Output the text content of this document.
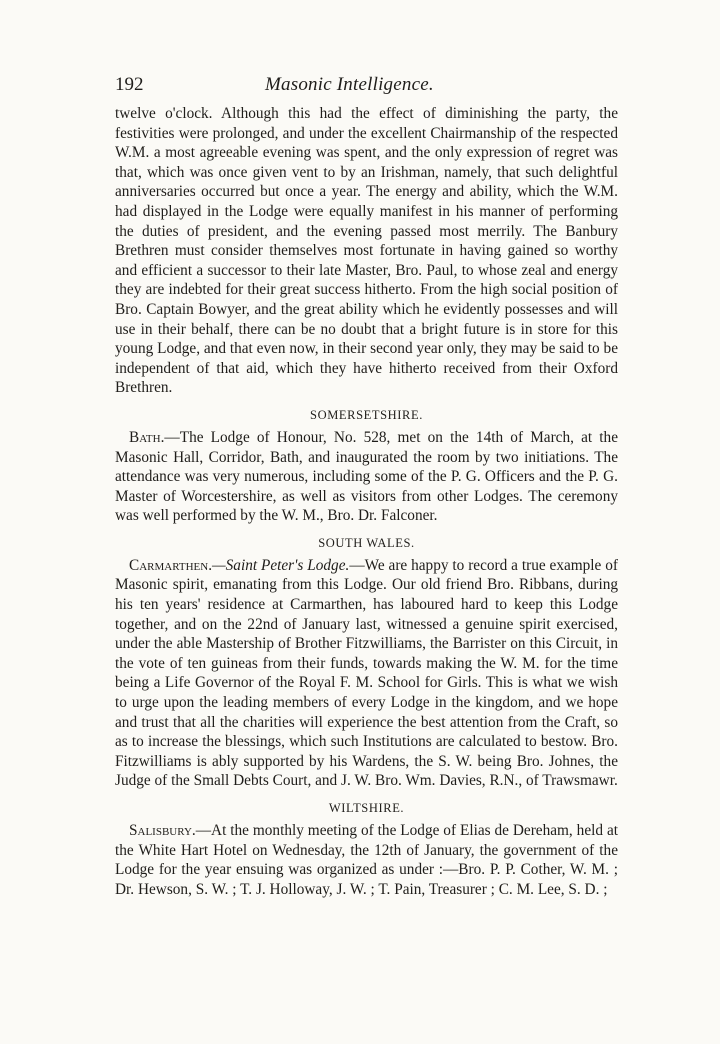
192	Masonic Intelligence.

twelve o'clock. Although this had the effect of diminishing the party, the festivities were prolonged, and under the excellent Chairmanship of the respected W.M. a most agreeable evening was spent, and the only expression of regret was that, which was once given vent to by an Irishman, namely, that such delightful anniversaries occurred but once a year. The energy and ability, which the W.M. had displayed in the Lodge were equally manifest in his manner of performing the duties of president, and the evening passed most merrily. The Banbury Brethren must consider themselves most fortunate in having gained so worthy and efficient a successor to their late Master, Bro. Paul, to whose zeal and energy they are indebted for their great success hitherto. From the high social position of Bro. Captain Bowyer, and the great ability which he evidently possesses and will use in their behalf, there can be no doubt that a bright future is in store for this young Lodge, and that even now, in their second year only, they may be said to be independent of that aid, which they have hitherto received from their Oxford Brethren.

SOMERSETSHIRE.

Bath.—The Lodge of Honour, No. 528, met on the 14th of March, at the Masonic Hall, Corridor, Bath, and inaugurated the room by two initiations. The attendance was very numerous, including some of the P. G. Officers and the P. G. Master of Worcestershire, as well as visitors from other Lodges. The ceremony was well performed by the W. M., Bro. Dr. Falconer.

SOUTH WALES.

Carmarthen.—Saint Peter's Lodge.—We are happy to record a true example of Masonic spirit, emanating from this Lodge. Our old friend Bro. Ribbans, during his ten years' residence at Carmarthen, has laboured hard to keep this Lodge together, and on the 22nd of January last, witnessed a genuine spirit exercised, under the able Mastership of Brother Fitzwilliams, the Barrister on this Circuit, in the vote of ten guineas from their funds, towards making the W. M. for the time being a Life Governor of the Royal F. M. School for Girls. This is what we wish to urge upon the leading members of every Lodge in the kingdom, and we hope and trust that all the charities will experience the best attention from the Craft, so as to increase the blessings, which such Institutions are calculated to bestow. Bro. Fitzwilliams is ably supported by his Wardens, the S. W. being Bro. Johnes, the Judge of the Small Debts Court, and J. W. Bro. Wm. Davies, R.N., of Trawsmawr.

WILTSHIRE.

Salisbury.—At the monthly meeting of the Lodge of Elias de Dereham, held at the White Hart Hotel on Wednesday, the 12th of January, the government of the Lodge for the year ensuing was organized as under :—Bro. P. P. Cother, W. M. ; Dr. Hewson, S. W. ; T. J. Holloway, J. W. ; T. Pain, Treasurer ; C. M. Lee, S. D. ;
